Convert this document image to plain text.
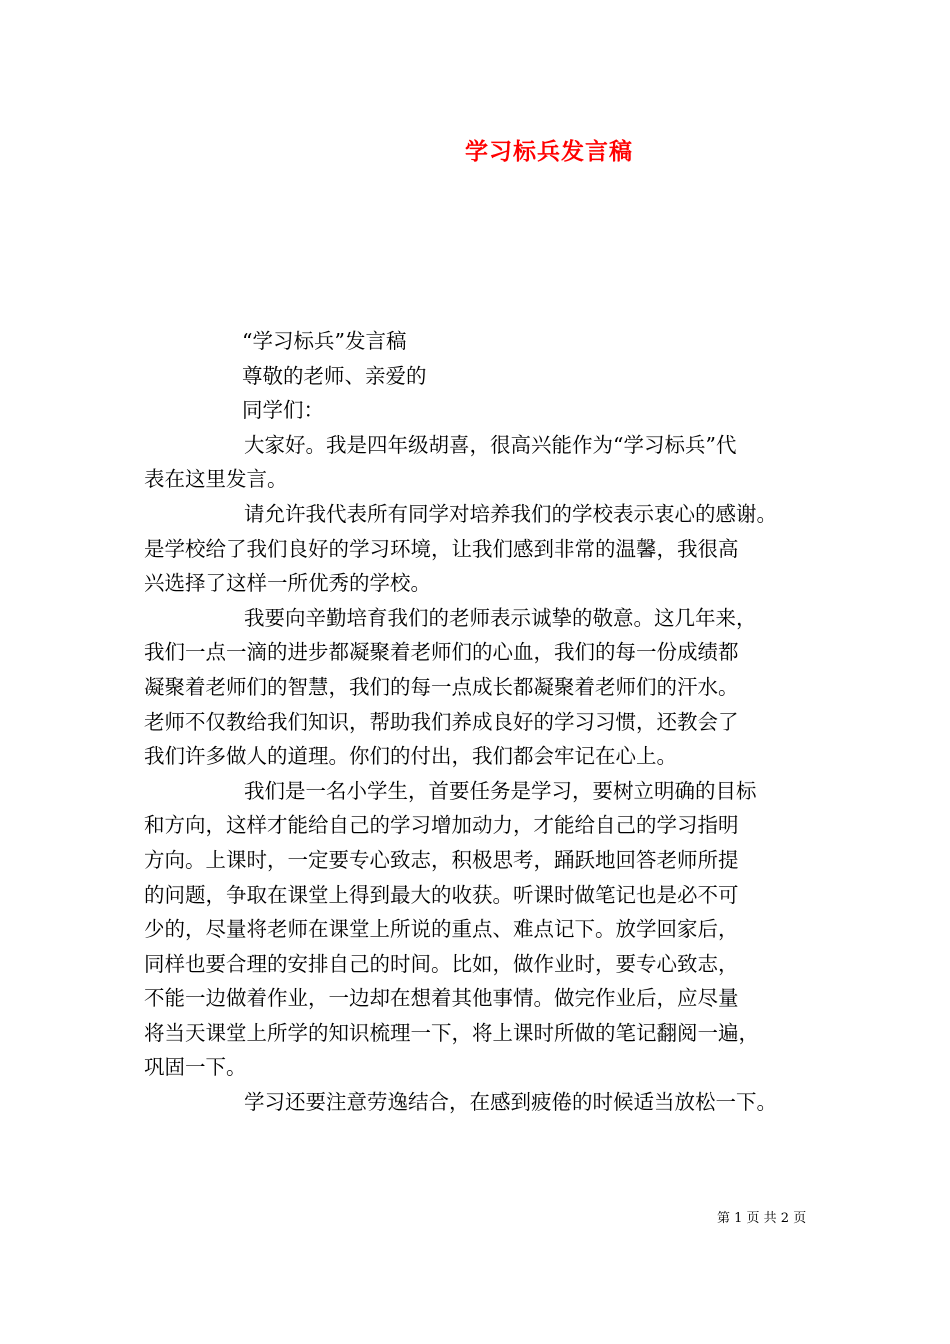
学习标兵发言稿
“学习标兵”发言稿
尊敬的老师、亲爱的
同学们：
大家好。我是四年级胡喜，很高兴能作为“学习标兵”代
表在这里发言。
请允许我代表所有同学对培养我们的学校表示衷心的感谢。
是学校给了我们良好的学习环境，让我们感到非常的温馨，我很高
兴选择了这样一所优秀的学校。
我要向辛勤培育我们的老师表示诚挚的敬意。这几年来，
我们一点一滴的进步都凝聚着老师们的心血，我们的每一份成绩都
凝聚着老师们的智慧，我们的每一点成长都凝聚着老师们的汗水。
老师不仅教给我们知识，帮助我们养成良好的学习习惯，还教会了
我们许多做人的道理。你们的付出，我们都会牢记在心上。
我们是一名小学生，首要任务是学习，要树立明确的目标
和方向，这样才能给自己的学习增加动力，才能给自己的学习指明
方向。上课时，一定要专心致志，积极思考，踊跃地回答老师所提
的问题，争取在课堂上得到最大的收获。听课时做笔记也是必不可
少的，尽量将老师在课堂上所说的重点、难点记下。放学回家后，
同样也要合理的安排自己的时间。比如，做作业时，要专心致志，
不能一边做着作业，一边却在想着其他事情。做完作业后，应尽量
将当天课堂上所学的知识梳理一下，将上课时所做的笔记翻阅一遍，
巩固一下。
学习还要注意劳逸结合，在感到疲倦的时候适当放松一下。
第 1 页 共 2 页
